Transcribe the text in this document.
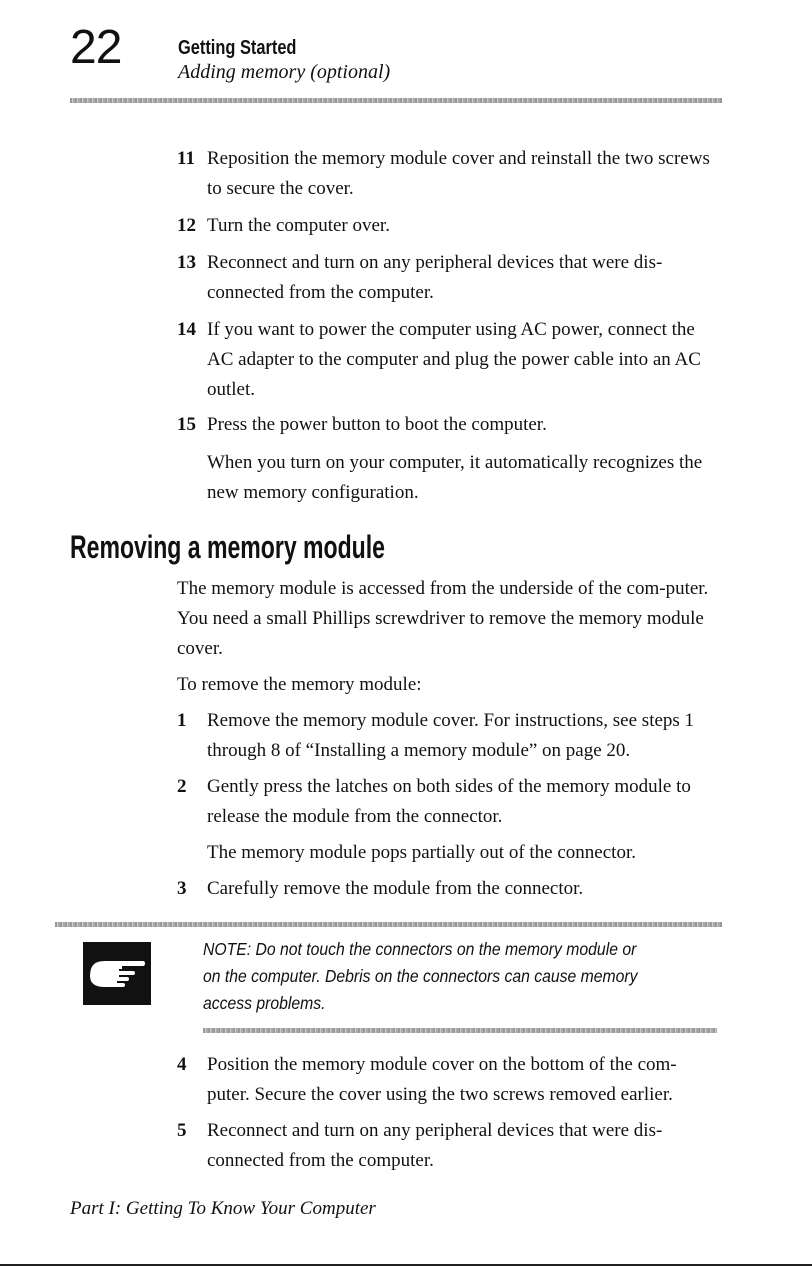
22	Getting Started
Adding memory (optional)
11 Reposition the memory module cover and reinstall the two screws to secure the cover.
12 Turn the computer over.
13 Reconnect and turn on any peripheral devices that were dis-connected from the computer.
14 If you want to power the computer using AC power, connect the AC adapter to the computer and plug the power cable into an AC outlet.
15 Press the power button to boot the computer.
When you turn on your computer, it automatically recognizes the new memory configuration.
Removing a memory module
The memory module is accessed from the underside of the com-puter. You need a small Phillips screwdriver to remove the memory module cover.
To remove the memory module:
1	Remove the memory module cover. For instructions, see steps 1 through 8 of “Installing a memory module” on page 20.
2	Gently press the latches on both sides of the memory module to release the module from the connector.
The memory module pops partially out of the connector.
3	Carefully remove the module from the connector.
NOTE: Do not touch the connectors on the memory module or on the computer. Debris on the connectors can cause memory access problems.
4	Position the memory module cover on the bottom of the com-puter. Secure the cover using the two screws removed earlier.
5	Reconnect and turn on any peripheral devices that were dis-connected from the computer.
Part I: Getting To Know Your Computer
